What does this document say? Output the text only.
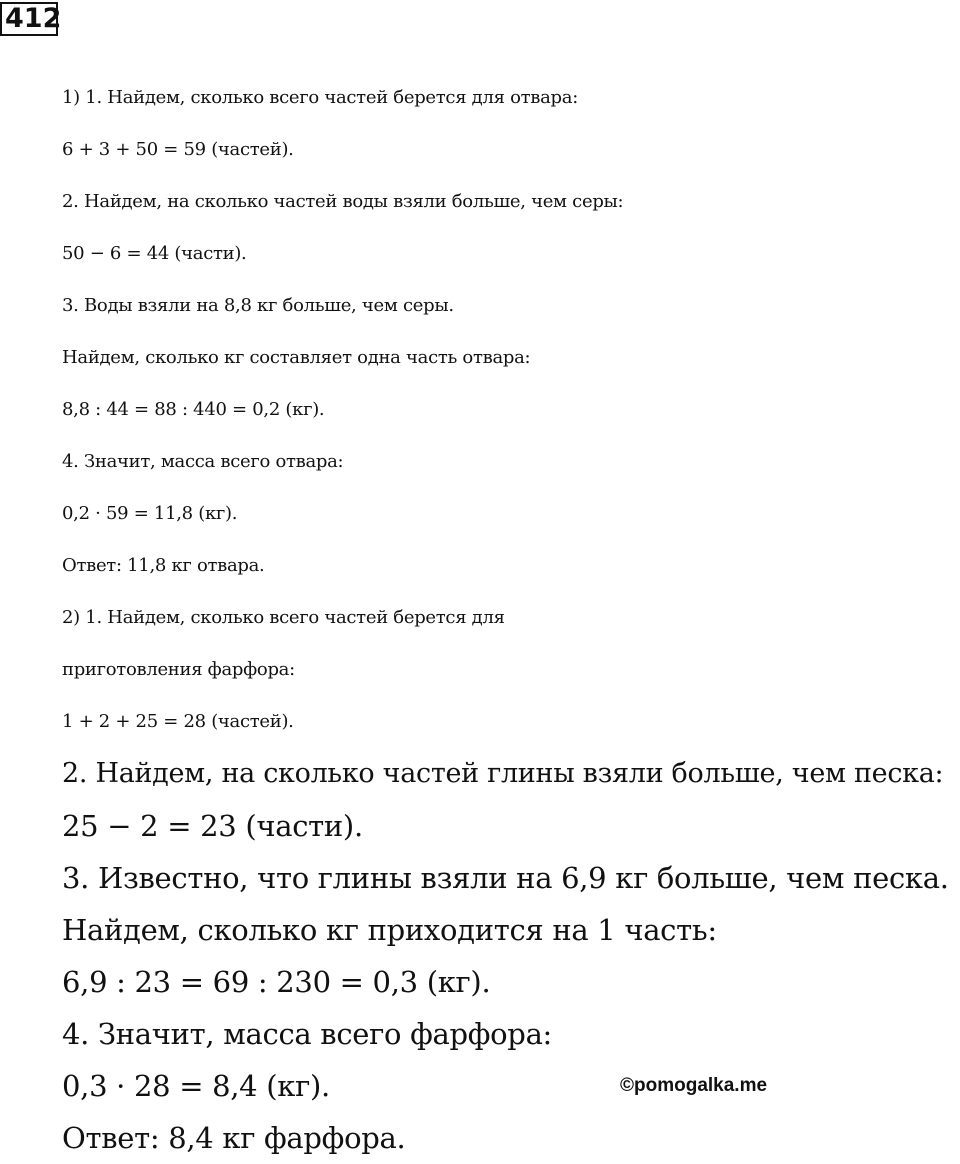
412
1) 1. Найдем, сколько всего частей берется для отвара:
6 + 3 + 50 = 59 (частей).
2. Найдем, на сколько частей воды взяли больше, чем серы:
50 − 6 = 44 (части).
3. Воды взяли на 8,8 кг больше, чем серы.
Найдем, сколько кг составляет одна часть отвара:
8,8 : 44 = 88 : 440 = 0,2 (кг).
4. Значит, масса всего отвара:
0,2 · 59 = 11,8 (кг).
Ответ: 11,8 кг отвара.
2) 1. Найдем, сколько всего частей берется для
приготовления фарфора:
1 + 2 + 25 = 28 (частей).
2. Найдем, на сколько частей глины взяли больше, чем песка:
25 − 2 = 23 (части).
3. Известно, что глины взяли на 6,9 кг больше, чем песка.
Найдем, сколько кг приходится на 1 часть:
6,9 : 23 = 69 : 230 = 0,3 (кг).
4. Значит, масса всего фарфора:
0,3 · 28 = 8,4 (кг).
Ответ: 8,4 кг фарфора.
©pomogalka.me
